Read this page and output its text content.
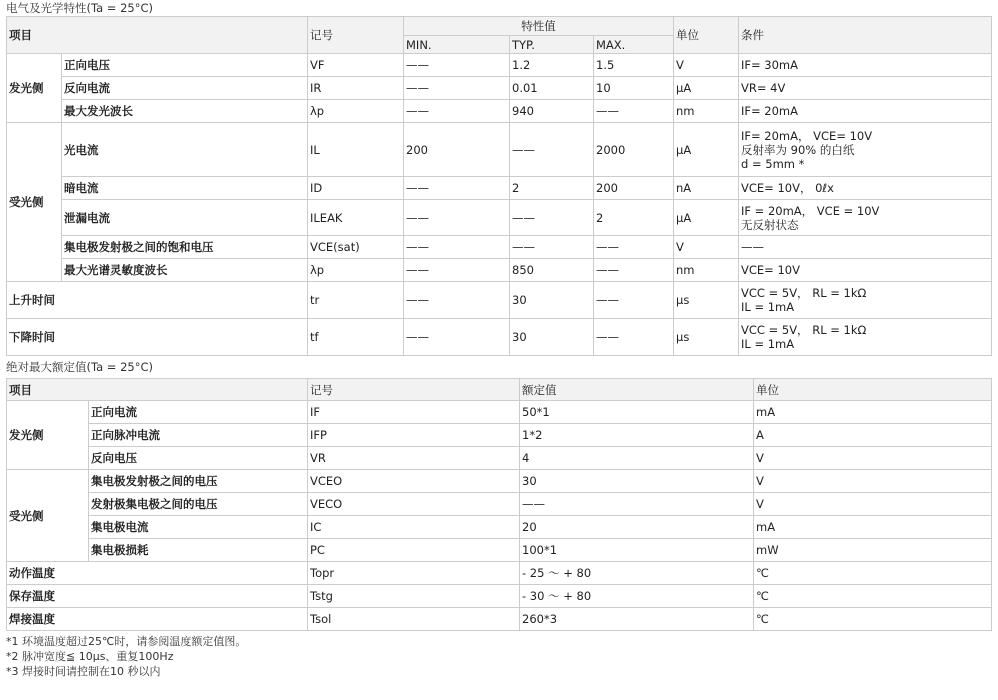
电气及光学特性(Ta = 25°C)
项目		记号	特性值			单位	条件
			MIN.	TYP.	MAX.		
发光侧	正向电压	VF	——	1.2	1.5	V	IF= 30mA
	反向电流	IR	——	0.01	10	μA	VR= 4V
	最大发光波长	λp	——	940	——	nm	IF= 20mA
受光侧	光电流	IL	200	——	2000	μA	IF= 20mA， VCE= 10V
反射率为 90% 的白纸
d = 5mm *
	暗电流	ID	——	2	200	nA	VCE= 10V， 0ℓx
	泄漏电流	ILEAK	——	——	2	μA	IF = 20mA， VCE = 10V
无反射状态
	集电极发射极之间的饱和电压	VCE(sat)	——	——	——	V	——
	最大光谱灵敏度波长	λp	——	850	——	nm	VCE= 10V
上升时间		tr	——	30	——	μs	VCC = 5V， RL = 1kΩ
IL = 1mA
下降时间		tf	——	30	——	μs	VCC = 5V， RL = 1kΩ
IL = 1mA
绝对最大额定值(Ta = 25°C)
项目		记号	额定值	单位
发光侧	正向电流	IF	50*1	mA
	正向脉冲电流	IFP	1*2	A
	反向电压	VR	4	V
受光侧	集电极发射极之间的电压	VCEO	30	V
	发射极集电极之间的电压	VECO	——	V
	集电极电流	IC	20	mA
	集电极损耗	PC	100*1	mW
动作温度		Topr	- 25 ～ + 80	℃
保存温度		Tstg	- 30 ～ + 80	℃
焊接温度		Tsol	260*3	℃
*1 环境温度超过25℃时，请参阅温度额定值图。
*2 脉冲宽度≦ 10μs、重复100Hz
*3 焊接时间请控制在10 秒以内
